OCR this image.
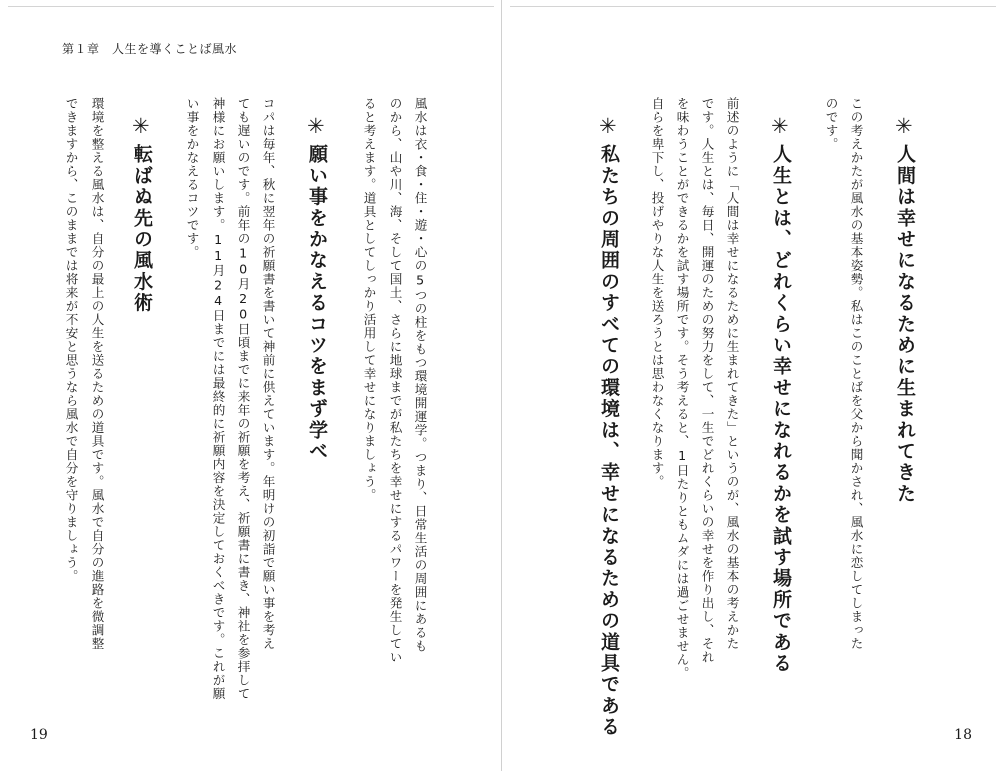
第１章　人生を導くことば風水
風水は衣・食・住・遊・心の5つの柱をもつ環境開運学。つまり、日常生活の周囲にあるも
のから、山や川、海、そして国土、さらに地球までが私たちを幸せにするパワーを発生してい
ると考えます。道具としてしっかり活用して幸せになりましょう。
✳
願い事をかなえるコツをまず学べ
コパは毎年、秋に翌年の祈願書を書いて神前に供えています。年明けの初詣で願い事を考え
ても遅いのです。前年の10月20日頃までに来年の祈願を考え、祈願書に書き、神社を参拝して
神様にお願いします。11月24日までには最終的に祈願内容を決定しておくべきです。これが願
い事をかなえるコツです。
✳
転ばぬ先の風水術
環境を整える風水は、自分の最上の人生を送るための道具です。風水で自分の進路を微調整
できますから、このままでは将来が不安と思うなら風水で自分を守りましょう。
19
✳
人間は幸せになるために生まれてきた
この考えかたが風水の基本姿勢。私はこのことばを父から聞かされ、風水に恋してしまった
のです。
✳
人生とは、どれくらい幸せになれるかを試す場所である
前述のように「人間は幸せになるために生まれてきた」というのが、風水の基本の考えかた
です。人生とは、毎日、開運のための努力をして、一生でどれくらいの幸せを作り出し、それ
を味わうことができるかを試す場所です。そう考えると、1日たりともムダには過ごせません。
自らを卑下し、投げやりな人生を送ろうとは思わなくなります。
✳
私たちの周囲のすべての環境は、幸せになるための道具である	18
